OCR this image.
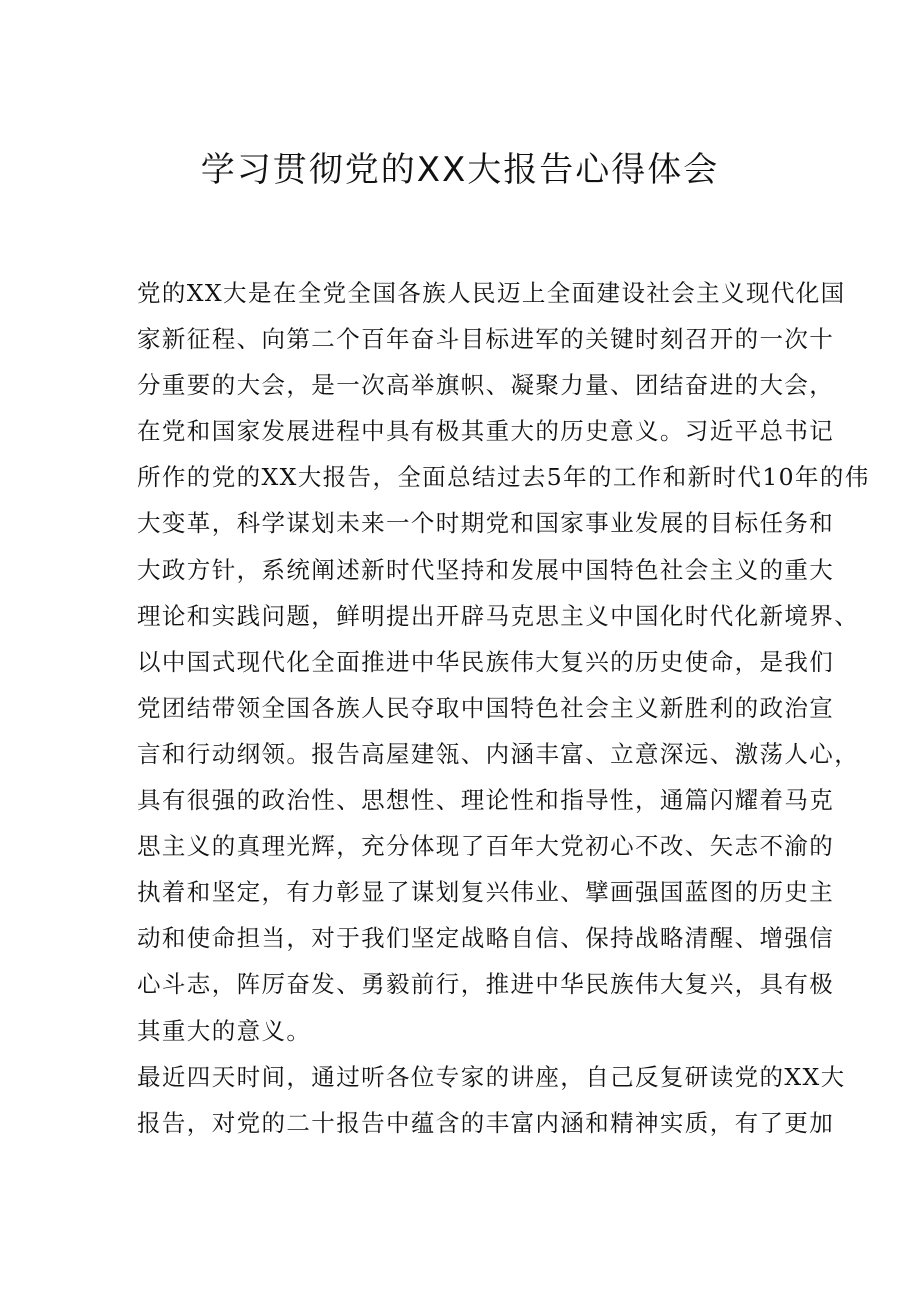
学习贯彻党的XX大报告心得体会
党的XX大是在全党全国各族人民迈上全面建设社会主义现代化国
家新征程、向第二个百年奋斗目标进军的关键时刻召开的一次十
分重要的大会，是一次高举旗帜、凝聚力量、团结奋进的大会，
在党和国家发展进程中具有极其重大的历史意义。习近平总书记
所作的党的XX大报告，全面总结过去5年的工作和新时代10年的伟
大变革，科学谋划未来一个时期党和国家事业发展的目标任务和
大政方针，系统阐述新时代坚持和发展中国特色社会主义的重大
理论和实践问题，鲜明提出开辟马克思主义中国化时代化新境界、
以中国式现代化全面推进中华民族伟大复兴的历史使命，是我们
党团结带领全国各族人民夺取中国特色社会主义新胜利的政治宣
言和行动纲领。报告高屋建瓴、内涵丰富、立意深远、激荡人心，
具有很强的政治性、思想性、理论性和指导性，通篇闪耀着马克
思主义的真理光辉，充分体现了百年大党初心不改、矢志不渝的
执着和坚定，有力彰显了谋划复兴伟业、擘画强国蓝图的历史主
动和使命担当，对于我们坚定战略自信、保持战略清醒、增强信
心斗志，阵厉奋发、勇毅前行，推进中华民族伟大复兴，具有极
其重大的意义。
最近四天时间，通过听各位专家的讲座，自己反复研读党的XX大
报告，对党的二十报告中蕴含的丰富内涵和精神实质，有了更加
